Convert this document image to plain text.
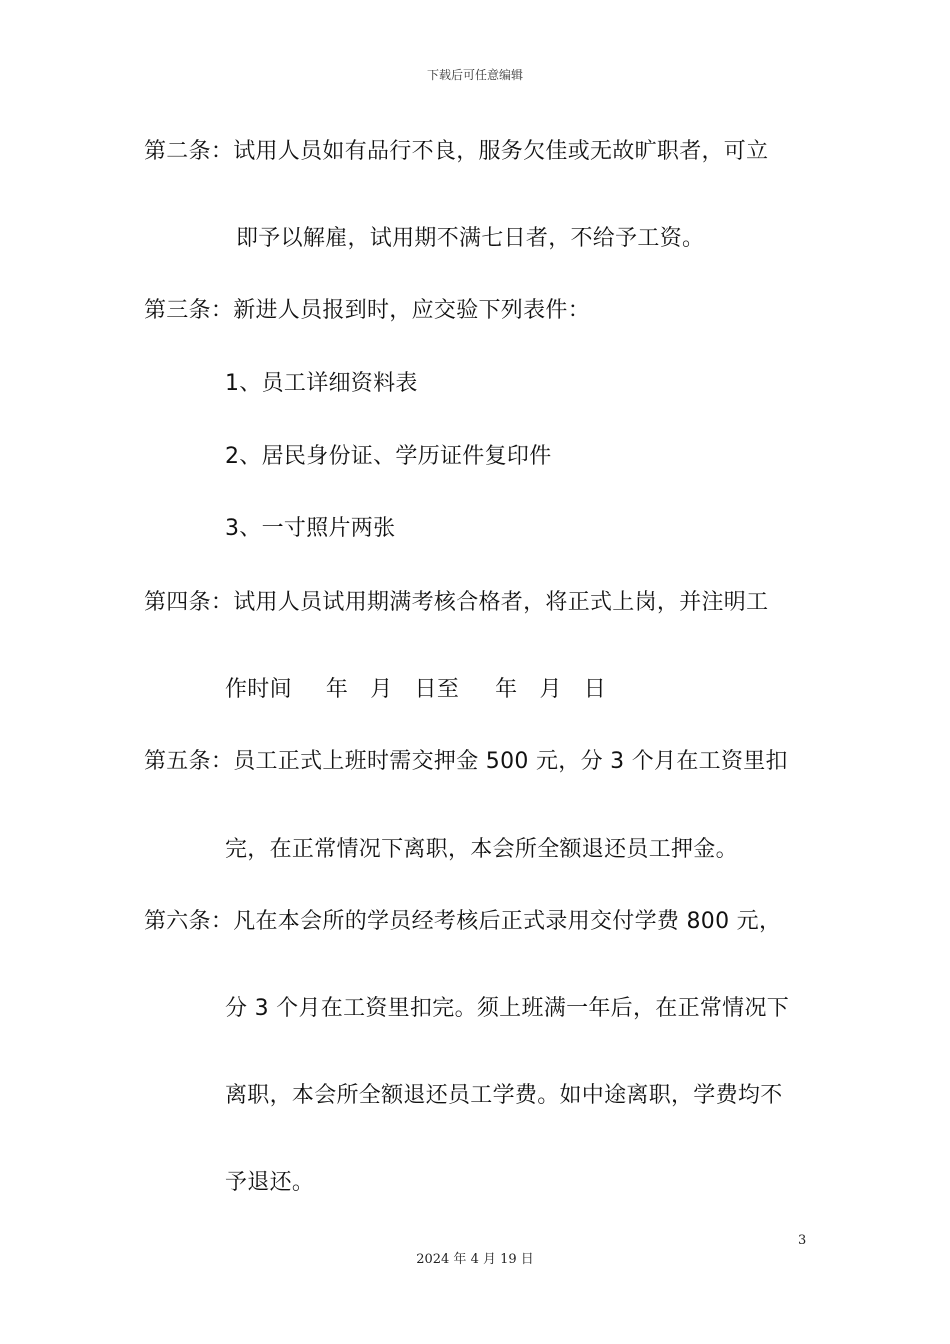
下载后可任意编辑
第二条：试用人员如有品行不良，服务欠佳或无故旷职者，可立
即予以解雇，试用期不满七日者，不给予工资。
第三条：新进人员报到时，应交验下列表件：
1、员工详细资料表
2、居民身份证、学历证件复印件
3、一寸照片两张
第四条：试用人员试用期满考核合格者，将正式上岗，并注明工
作时间 年 月 日至 年 月 日
第五条：员工正式上班时需交押金 500 元，分 3 个月在工资里扣
完，在正常情况下离职，本会所全额退还员工押金。
第六条：凡在本会所的学员经考核后正式录用交付学费 800 元，
分 3 个月在工资里扣完。须上班满一年后，在正常情况下
离职，本会所全额退还员工学费。如中途离职，学费均不
予退还。
3
2024 年 4 月 19 日
